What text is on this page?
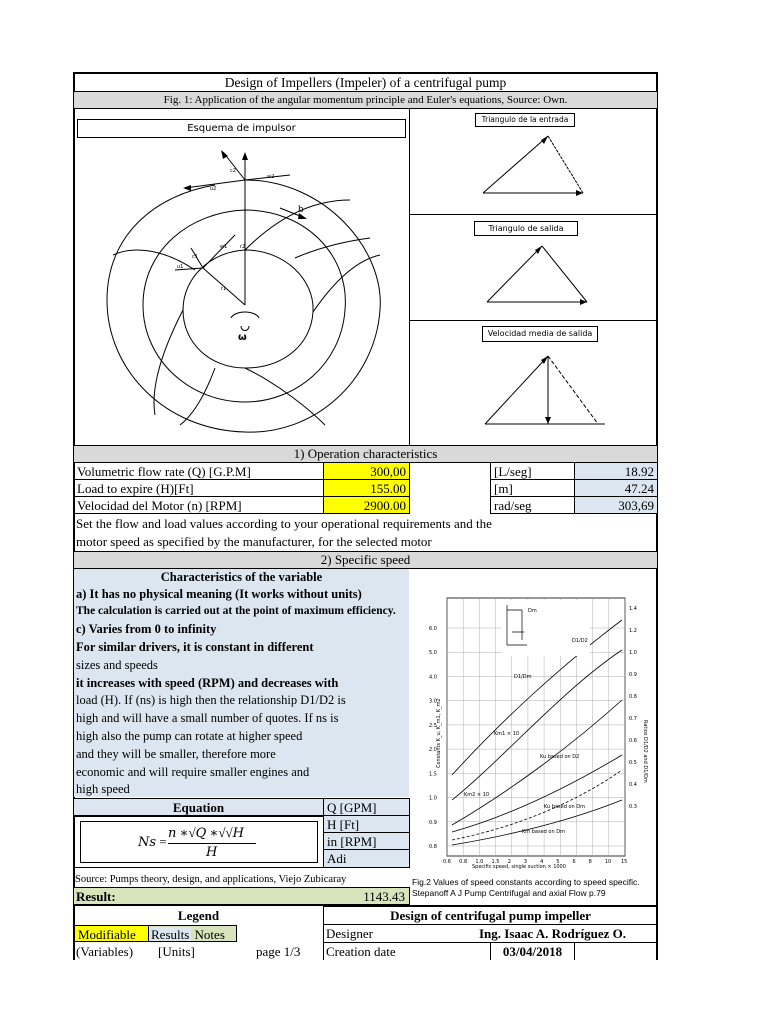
Design of Impellers (Impeler) of a centrifugal pump
Fig. 1: Application of the angular momentum principle and Euler's equations, Source: Own.
Esquema de impulsor
b
ω
u2
w2
c2
r2
r1
u1
c1
w1
Triangulo de la entrada
Triangulo de salida
Velocidad media de salida
1) Operation characteristics
Volumetric flow rate (Q) [G.P.M]	300,00	[L/seg]	18.92
Load to expire (H)[Ft]	155.00	[m]	47.24
Velocidad del Motor (n) [RPM]	2900.00	rad/seg	303,69
Set the flow and load values according to your operational requirements and the
motor speed as specified by the manufacturer, for the selected motor
2) Specific speed
Characteristics of the variable
a) It has no physical meaning (It works without units)
The calculation is carried out at the point of maximum efficiency.
c) Varies from 0 to infinity
For similar drivers, it is constant in different
sizes and speeds
it increases with speed (RPM) and decreases with
load (H). If (ns) is high then the relationship D1/D2 is
high and will have a small number of quotes. If ns is
high also the pump can rotate at higher speed
and they will be smaller, therefore more
economic and will require smaller engines and
high speed
Equation
𝑁𝑠 =
𝑛 ∗√𝑄 ∗√√𝐻
𝐻
Q [GPM]
H [Ft]
in [RPM]
Adi
Source: Pumps theory, design, and applications, Viejo Zubicaray
Result:	1143.43
0.6 0.8 1.0 1.5 2	3	4	5	6	8	10 15
6.0
5.0
4.0
3.0
2.5
2.0
1.5
1.0
0.9
0.8
1.4
1.2
1.0
0.9
0.8
0.7
0.6
0.5
0.4
0.3
Dm
Constants K_u, K_m1, K_m2	Ratios D1/D2 and D1/Dm
Specific speed, single suction × 1000
D1/Dm
D1/D2
Km1 × 10
Ku based on D2
Km2 × 10
Ku based on Dm
Km based on Dm
Fig.2 Values of speed constants according to speed specific. Stepanoff A J Pump Centrifugal and axial Flow p.79
Legend
Modifiable	Results Notes
(Variables) [Units]	page 1/3
Design of centrifugal pump impeller
Designer	Ing. Isaac A. Rodríguez O.
Creation date	03/04/2018
